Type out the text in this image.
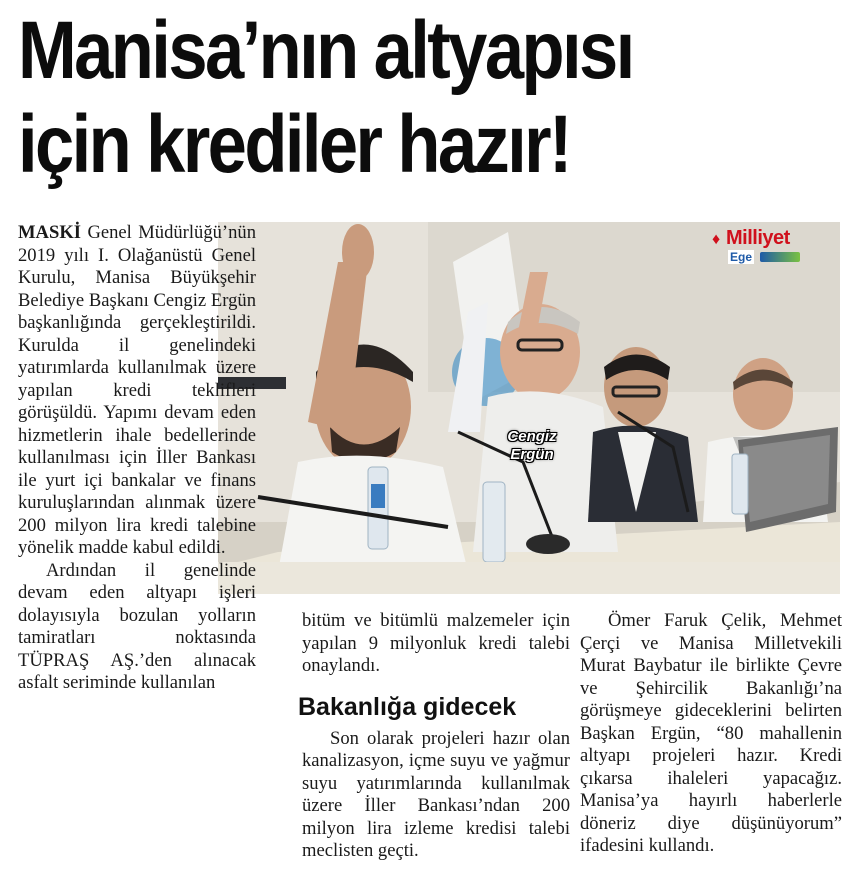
Manisa’nın altyapısı
için krediler hazır!
♦ Milliyet
Ege
Cengiz
Ergün

MASKİ Genel Müdürlüğü’nün 2019 yılı I. Olağanüstü Genel Kurulu, Manisa Büyükşehir Belediye Başkanı Cengiz Ergün başkanlığında gerçekleştirildi. Kurulda il genelindeki yatırımlarda kullanılmak üzere yapılan kredi teklifleri görüşüldü. Yapımı devam eden hizmetlerin ihale bedellerinde kullanılması için İller Bankası ile yurt içi bankalar ve finans kuruluşlarından alınmak üzere 200 milyon lira kredi talebine yönelik madde kabul edildi.

Ardından il genelinde devam eden altyapı işleri dolayısıyla bozulan yolların tamiratları noktasında TÜPRAŞ AŞ.’den alınacak asfalt seriminde kullanılan

bitüm ve bitümlü malzemeler için yapılan 9 milyonluk kredi talebi onaylandı.

Bakanlığa gidecek

Son olarak projeleri hazır olan kanalizasyon, içme suyu ve yağmur suyu yatırımlarında kullanılmak üzere İller Bankası’ndan 200 milyon lira izleme kredisi talebi meclisten geçti.

Ömer Faruk Çelik, Mehmet Çerçi ve Manisa Milletvekili Murat Baybatur ile birlikte Çevre ve Şehircilik Bakanlığı’na görüşmeye gideceklerini belirten Başkan Ergün, “80 mahallenin altyapı projeleri hazır. Kredi çıkarsa ihaleleri yapacağız. Manisa’ya hayırlı haberlerle döneriz diye düşünüyorum” ifadesini kullandı.
